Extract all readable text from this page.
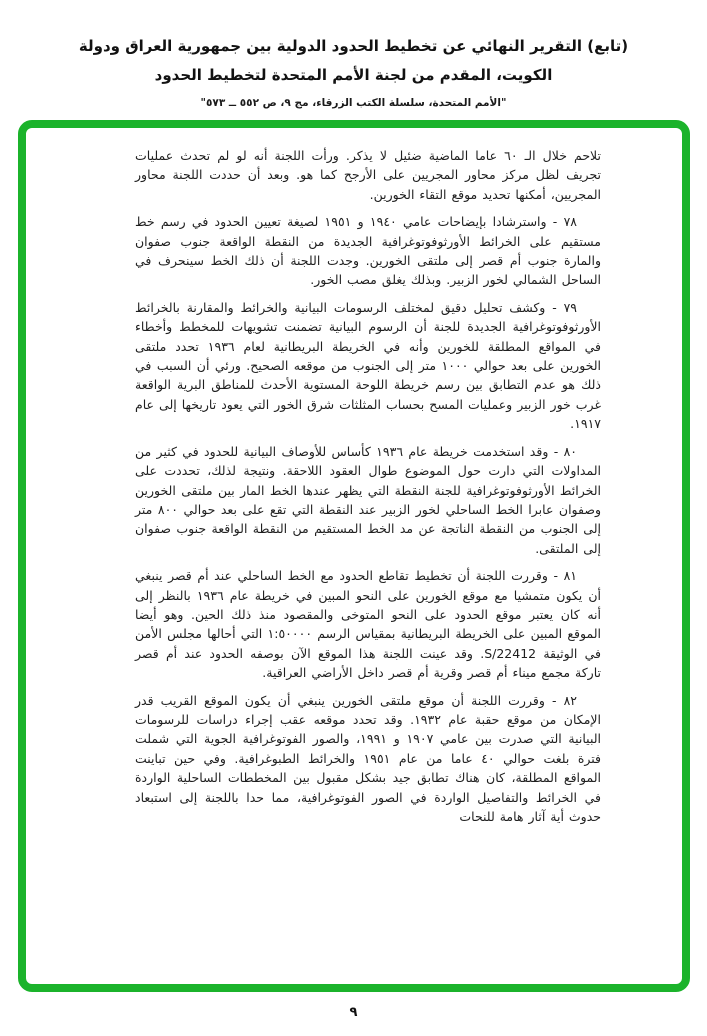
(تابع) التقرير النهائي عن تخطيط الحدود الدولية بين جمهورية العراق ودولة
الكويت، المقدم من لجنة الأمم المتحدة لتخطيط الحدود
"الأمم المتحدة، سلسلة الكتب الزرقاء، مج ٩، ص ٥٥٢ ــ ٥٧٣"

تلاحم خلال الـ ٦٠ عاما الماضية ضئيل لا يذكر. ورأت اللجنة أنه لو لم تحدث عمليات تجريف لظل مركز محاور المجريين على الأرجح كما هو. وبعد أن حددت اللجنة محاور المجريين، أمكنها تحديد موقع التقاء الخورين.

٧٨ - واسترشادا بإيضاحات عامي ١٩٤٠ و ١٩٥١ لصيغة تعيين الحدود في رسم خط مستقيم على الخرائط الأورثوفوتوغرافية الجديدة من النقطة الواقعة جنوب صفوان والمارة جنوب أم قصر إلى ملتقى الخورين. وجدت اللجنة أن ذلك الخط سينحرف في الساحل الشمالي لخور الزبير. وبذلك يغلق مصب الخور.

٧٩ - وكشف تحليل دقيق لمختلف الرسومات البيانية والخرائط والمقارنة بالخرائط الأورثوفوتوغرافية الجديدة للجنة أن الرسوم البيانية تضمنت تشويهات للمخطط وأخطاء في المواقع المطلقة للخورين وأنه في الخريطة البريطانية لعام ١٩٣٦ تحدد ملتقى الخورين على بعد حوالي ١٠٠٠ متر إلى الجنوب من موقعه الصحيح. ورئي أن السبب في ذلك هو عدم التطابق بين رسم خريطة اللوحة المستوية الأحدث للمناطق البرية الواقعة غرب خور الزبير وعمليات المسح بحساب المثلثات شرق الخور التي يعود تاريخها إلى عام ١٩١٧.

٨٠ - وقد استخدمت خريطة عام ١٩٣٦ كأساس للأوصاف البيانية للحدود في كثير من المداولات التي دارت حول الموضوع طوال العقود اللاحقة. ونتيجة لذلك، تحددت على الخرائط الأورثوفوتوغرافية للجنة النقطة التي يظهر عندها الخط المار بين ملتقى الخورين وصفوان عابرا الخط الساحلي لخور الزبير عند النقطة التي تقع على بعد حوالي ٨٠٠ متر إلى الجنوب من النقطة الناتجة عن مد الخط المستقيم من النقطة الواقعة جنوب صفوان إلى الملتقى.

٨١ - وقررت اللجنة أن تخطيط تقاطع الحدود مع الخط الساحلي عند أم قصر ينبغي أن يكون متمشيا مع موقع الخورين على النحو المبين في خريطة عام ١٩٣٦ بالنظر إلى أنه كان يعتبر موقع الحدود على النحو المتوخى والمقصود منذ ذلك الحين. وهو أيضا الموقع المبين على الخريطة البريطانية بمقياس الرسم ١:٥٠٠٠٠ التي أحالها مجلس الأمن في الوثيقة S/22412. وقد عينت اللجنة هذا الموقع الآن بوصفه الحدود عند أم قصر تاركة مجمع ميناء أم قصر وقرية أم قصر داخل الأراضي العراقية.

٨٢ - وقررت اللجنة أن موقع ملتقى الخورين ينبغي أن يكون الموقع القريب قدر الإمكان من موقع حقبة عام ١٩٣٢. وقد تحدد موقعه عقب إجراء دراسات للرسومات البيانية التي صدرت بين عامي ١٩٠٧ و ١٩٩١، والصور الفوتوغرافية الجوية التي شملت فترة بلغت حوالي ٤٠ عاما من عام ١٩٥١ والخرائط الطبوغرافية. وفي حين تباينت المواقع المطلقة، كان هناك تطابق جيد بشكل مقبول بين المخططات الساحلية الواردة في الخرائط والتفاصيل الواردة في الصور الفوتوغرافية، مما حدا باللجنة إلى استبعاد حدوث أية آثار هامة للنحات

٩
